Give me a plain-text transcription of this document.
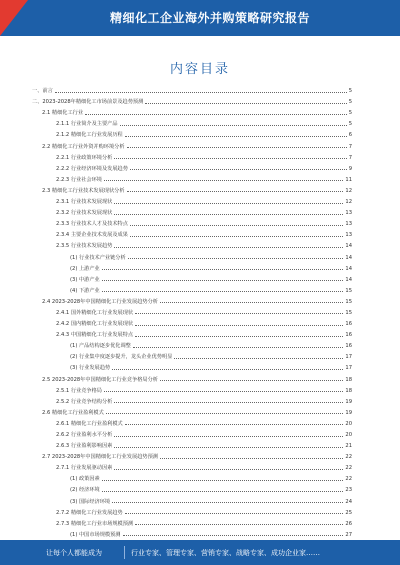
精细化工企业海外并购策略研究报告
内容目录
一、前言	5
二、2023-2028年精细化工市场前景及趋势预测	5
2.1 精细化工行业	5
2.1.1 行业简介及主要产品	5
2.1.2 精细化工行业发展历程	6
2.2 精细化工行业外资并购环境分析	7
2.2.1 行业政策环境分析	7
2.2.2 行业经济环境及发展趋势	9
2.2.3 行业社会环境	11
2.3 精细化工行业技术发展现状分析	12
2.3.1 行业技术发展现状	12
2.3.2 行业技术发展现状	13
2.3.3 行业技术人才及技术特点	13
2.3.4 主要企业技术发展及成果	13
2.3.5 行业技术发展趋势	14
(1) 行业技术产业链分析	14
(2) 上游产业	14
(3) 中游产业	14
(4) 下游产业	15
2.4 2023-2028年中国精细化工行业发展趋势分析	15
2.4.1 国外精细化工行业发展现状	15
2.4.2 国内精细化工行业发展现状	16
2.4.3 中国精细化工行业发展特点	16
(1) 产品结构逐步优化调整	16
(2) 行业集中度逐步提升，龙头企业优势明显	17
(3) 行业发展趋势	17
2.5 2023-2028年中国精细化工行业竞争格局分析	18
2.5.1 行业竞争格局	18
2.5.2 行业竞争结构分析	19
2.6 精细化工行业盈利模式	19
2.6.1 精细化工行业盈利模式	20
2.6.2 行业盈利水平分析	20
2.6.3 行业盈利影响因素	21
2.7 2023-2028年中国精细化工行业发展趋势预测	22
2.7.1 行业发展驱动因素	22
(1) 政策因素	22
(2) 经济环境	23
(3) 国际经济环境	24
2.7.2 精细化工行业发展趋势	25
2.7.3 精细化工行业市场规模预测	26
(1) 中国市场规模预测	27
让每个人都能成为	行业专家、管理专家、营销专家、战略专家、成功企业家……
